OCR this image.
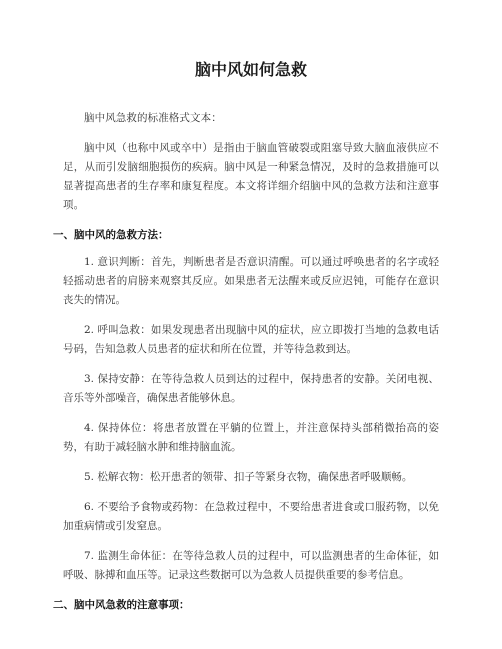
脑中风如何急救

脑中风急救的标准格式文本：

脑中风（也称中风或卒中）是指由于脑血管破裂或阻塞导致大脑血液供应不足，从而引发脑细胞损伤的疾病。脑中风是一种紧急情况，及时的急救措施可以显著提高患者的生存率和康复程度。本文将详细介绍脑中风的急救方法和注意事项。

一、脑中风的急救方法：

1. 意识判断：首先，判断患者是否意识清醒。可以通过呼唤患者的名字或轻轻摇动患者的肩膀来观察其反应。如果患者无法醒来或反应迟钝，可能存在意识丧失的情况。

2. 呼叫急救：如果发现患者出现脑中风的症状，应立即拨打当地的急救电话号码，告知急救人员患者的症状和所在位置，并等待急救到达。

3. 保持安静：在等待急救人员到达的过程中，保持患者的安静。关闭电视、音乐等外部噪音，确保患者能够休息。

4. 保持体位：将患者放置在平躺的位置上，并注意保持头部稍微抬高的姿势，有助于减轻脑水肿和维持脑血流。

5. 松解衣物：松开患者的领带、扣子等紧身衣物，确保患者呼吸顺畅。

6. 不要给予食物或药物：在急救过程中，不要给患者进食或口服药物，以免加重病情或引发窒息。

7. 监测生命体征：在等待急救人员的过程中，可以监测患者的生命体征，如呼吸、脉搏和血压等。记录这些数据可以为急救人员提供重要的参考信息。

二、脑中风急救的注意事项：
